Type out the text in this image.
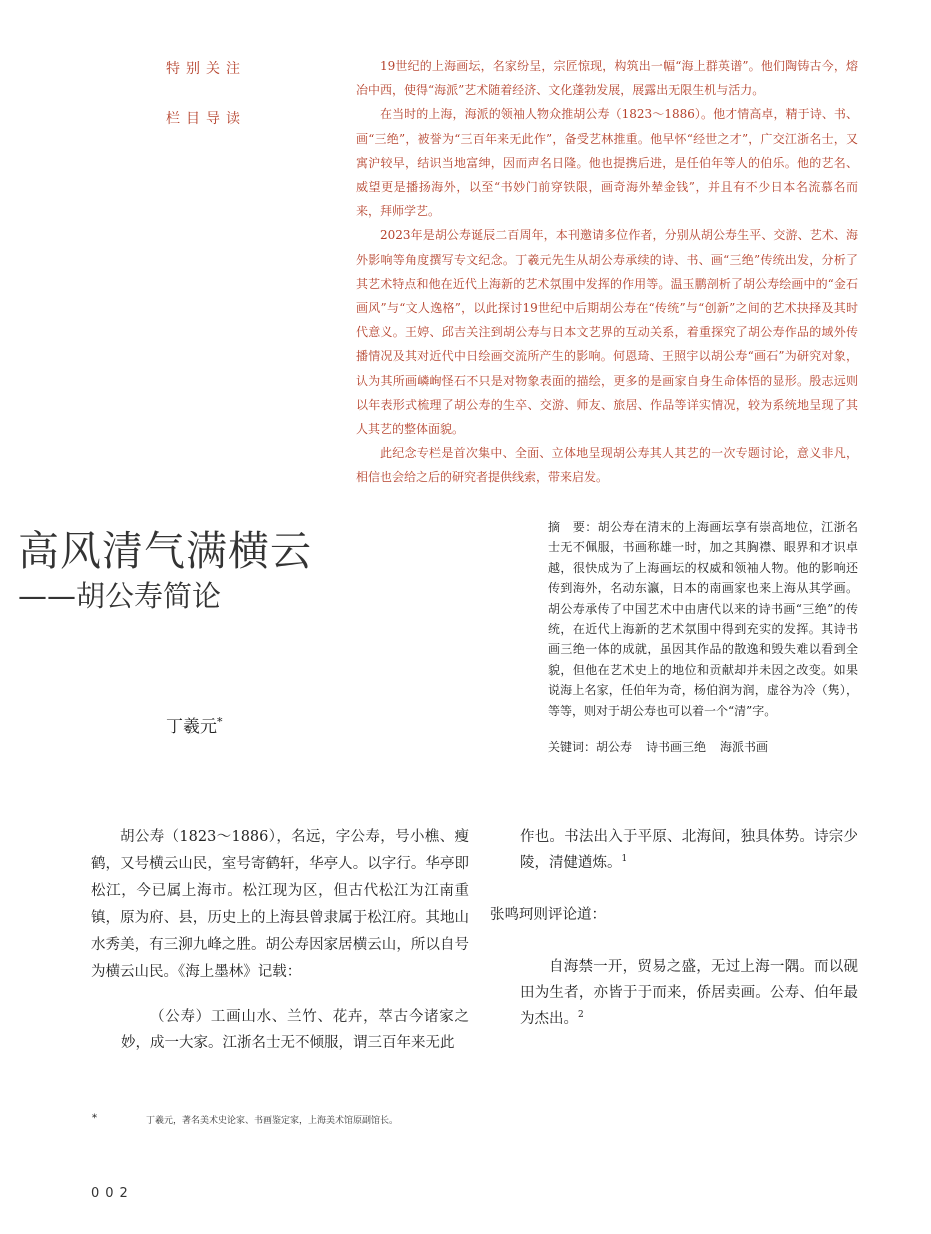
特别关注
栏目导读

19世纪的上海画坛，名家纷呈，宗匠惊现，构筑出一幅“海上群英谱”。他们陶铸古今，熔冶中西，使得“海派”艺术随着经济、文化蓬勃发展，展露出无限生机与活力。

在当时的上海，海派的领袖人物众推胡公寿（1823～1886）。他才情高卓，精于诗、书、画“三绝”，被誉为“三百年来无此作”，备受艺林推重。他早怀“经世之才”，广交江浙名士，又寓沪较早，结识当地富绅，因而声名日隆。他也提携后进，是任伯年等人的伯乐。他的艺名、威望更是播扬海外，以至“书妙门前穿铁限，画奇海外辇金钱”，并且有不少日本名流慕名而来，拜师学艺。

2023年是胡公寿诞辰二百周年，本刊邀请多位作者，分别从胡公寿生平、交游、艺术、海外影响等角度撰写专文纪念。丁羲元先生从胡公寿承续的诗、书、画“三绝”传统出发，分析了其艺术特点和他在近代上海新的艺术氛围中发挥的作用等。温玉鹏剖析了胡公寿绘画中的“金石画风”与“文人逸格”，以此探讨19世纪中后期胡公寿在“传统”与“创新”之间的艺术抉择及其时代意义。王婷、邱吉关注到胡公寿与日本文艺界的互动关系，着重探究了胡公寿作品的域外传播情况及其对近代中日绘画交流所产生的影响。何恩琦、王照宇以胡公寿“画石”为研究对象，认为其所画嶙峋怪石不只是对物象表面的描绘，更多的是画家自身生命体悟的显形。殷志远则以年表形式梳理了胡公寿的生卒、交游、师友、旅居、作品等详实情况，较为系统地呈现了其人其艺的整体面貌。

此纪念专栏是首次集中、全面、立体地呈现胡公寿其人其艺的一次专题讨论，意义非凡，相信也会给之后的研究者提供线索，带来启发。

高风清气满横云
——胡公寿简论
丁羲元*
摘　要：胡公寿在清末的上海画坛享有崇高地位，江浙名士无不佩服，书画称雄一时，加之其胸襟、眼界和才识卓越，很快成为了上海画坛的权威和领袖人物。他的影响还传到海外，名动东瀛，日本的南画家也来上海从其学画。胡公寿承传了中国艺术中由唐代以来的诗书画“三绝”的传统，在近代上海新的艺术氛围中得到充实的发挥。其诗书画三绝一体的成就，虽因其作品的散逸和毁失难以看到全貌，但他在艺术史上的地位和贡献却并未因之改变。如果说海上名家，任伯年为奇，杨伯润为润，虚谷为冷（隽），等等，则对于胡公寿也可以着一个“清”字。
关键词：胡公寿 诗书画三绝 海派书画

胡公寿（1823～1886），名远，字公寿，号小樵、瘦鹤，又号横云山民，室号寄鹤轩，华亭人。以字行。华亭即松江，今已属上海市。松江现为区，但古代松江为江南重镇，原为府、县，历史上的上海县曾隶属于松江府。其地山水秀美，有三泖九峰之胜。胡公寿因家居横云山，所以自号为横云山民。《海上墨林》记载：

（公寿）工画山水、兰竹、花卉，萃古今诸家之妙，成一大家。江浙名士无不倾服，谓三百年来无此

作也。书法出入于平原、北海间，独具体势。诗宗少陵，清健遒炼。$^1$
张鸣珂则评论道：

自海禁一开，贸易之盛，无过上海一隅。而以砚田为生者，亦皆于于而来，侨居卖画。公寿、伯年最为杰出。$^2$

*	丁羲元，著名美术史论家、书画鉴定家，上海美术馆原副馆长。
002
